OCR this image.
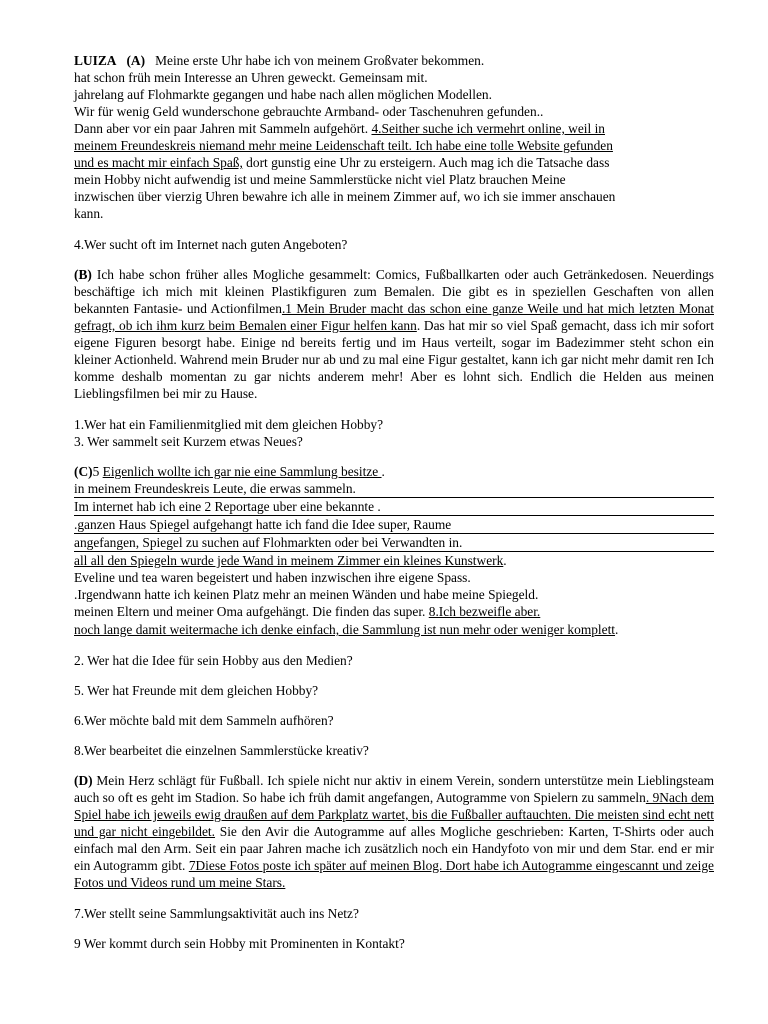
LUIZA (A) Meine erste Uhr habe ich von meinem Großvater bekommen.
hat schon früh mein Interesse an Uhren geweckt. Gemeinsam mit.
jahrelang auf Flohmarkte gegangen und habe nach allen möglichen Modellen.
Wir für wenig Geld wunderschone gebrauchte Armband- oder Taschenuhren gefunden..
Dann aber vor ein paar Jahren mit Sammeln aufgehört. 4.Seither suche ich vermehrt online, weil in
meinem Freundeskreis niemand mehr meine Leidenschaft teilt. Ich habe eine tolle Website gefunden
und es macht mir einfach Spaß, dort gunstig eine Uhr zu ersteigern. Auch mag ich die Tatsache dass
mein Hobby nicht aufwendig ist und meine Sammlerstücke nicht viel Platz brauchen Meine
inzwischen über vierzig Uhren bewahre ich alle in meinem Zimmer auf, wo ich sie immer anschauen
kann.
4.Wer sucht oft im Internet nach guten Angeboten?
(B) Ich habe schon früher alles Mogliche gesammelt: Comics, Fußballkarten oder auch Getränkedosen. Neuerdings beschäftige ich mich mit kleinen Plastikfiguren zum Bemalen. Die gibt es in speziellen Geschaften von allen bekannten Fantasie- und Actionfilmen.1 Mein Bruder macht das schon eine ganze Weile und hat mich letzten Monat gefragt, ob ich ihm kurz beim Bemalen einer Figur helfen kann. Das hat mir so viel Spaß gemacht, dass ich mir sofort eigene Figuren besorgt habe. Einige nd bereits fertig und im Haus verteilt, sogar im Badezimmer steht schon ein kleiner Actionheld. Wahrend mein Bruder nur ab und zu mal eine Figur gestaltet, kann ich gar nicht mehr damit ren Ich komme deshalb momentan zu gar nichts anderem mehr! Aber es lohnt sich. Endlich die Helden aus meinen Lieblingsfilmen bei mir zu Hause.
1.Wer hat ein Familienmitglied mit dem gleichen Hobby?
3. Wer sammelt seit Kurzem etwas Neues?
(C)5 Eigenlich wollte ich gar nie eine Sammlung besitze .
in meinem Freundeskreis Leute, die erwas sammeln.
Im internet hab ich eine 2 Reportage uber eine bekannte .
.ganzen Haus Spiegel aufgehangt hatte ich fand die Idee super, Raume
angefangen, Spiegel zu suchen auf Flohmarkten oder bei Verwandten in.
all all den Spiegeln wurde jede Wand in meinem Zimmer ein kleines Kunstwerk.
Eveline und tea waren begeistert und haben inzwischen ihre eigene Spass.
.Irgendwann hatte ich keinen Platz mehr an meinen Wänden und habe meine Spiegeld.
meinen Eltern und meiner Oma aufgehängt. Die finden das super. 8.Ich bezweifle aber.
noch lange damit weitermache ich denke einfach, die Sammlung ist nun mehr oder weniger komplett.
2. Wer hat die Idee für sein Hobby aus den Medien?
5. Wer hat Freunde mit dem gleichen Hobby?
6.Wer möchte bald mit dem Sammeln aufhören?
8.Wer bearbeitet die einzelnen Sammlerstücke kreativ?
(D) Mein Herz schlägt für Fußball. Ich spiele nicht nur aktiv in einem Verein, sondern unterstütze mein Lieblingsteam auch so oft es geht im Stadion. So habe ich früh damit angefangen, Autogramme von Spielern zu sammeln. 9Nach dem Spiel habe ich jeweils ewig draußen auf dem Parkplatz wartet, bis die Fußballer auftauchten. Die meisten sind echt nett und gar nicht eingebildet. Sie den Avir die Autogramme auf alles Mogliche geschrieben: Karten, T-Shirts oder auch einfach mal den Arm. Seit ein paar Jahren mache ich zusätzlich noch ein Handyfoto von mir und dem Star. end er mir ein Autogramm gibt. 7Diese Fotos poste ich später auf meinen Blog. Dort habe ich Autogramme eingescannt und zeige Fotos und Videos rund um meine Stars.
7.Wer stellt seine Sammlungsaktivität auch ins Netz?
9 Wer kommt durch sein Hobby mit Prominenten in Kontakt?
